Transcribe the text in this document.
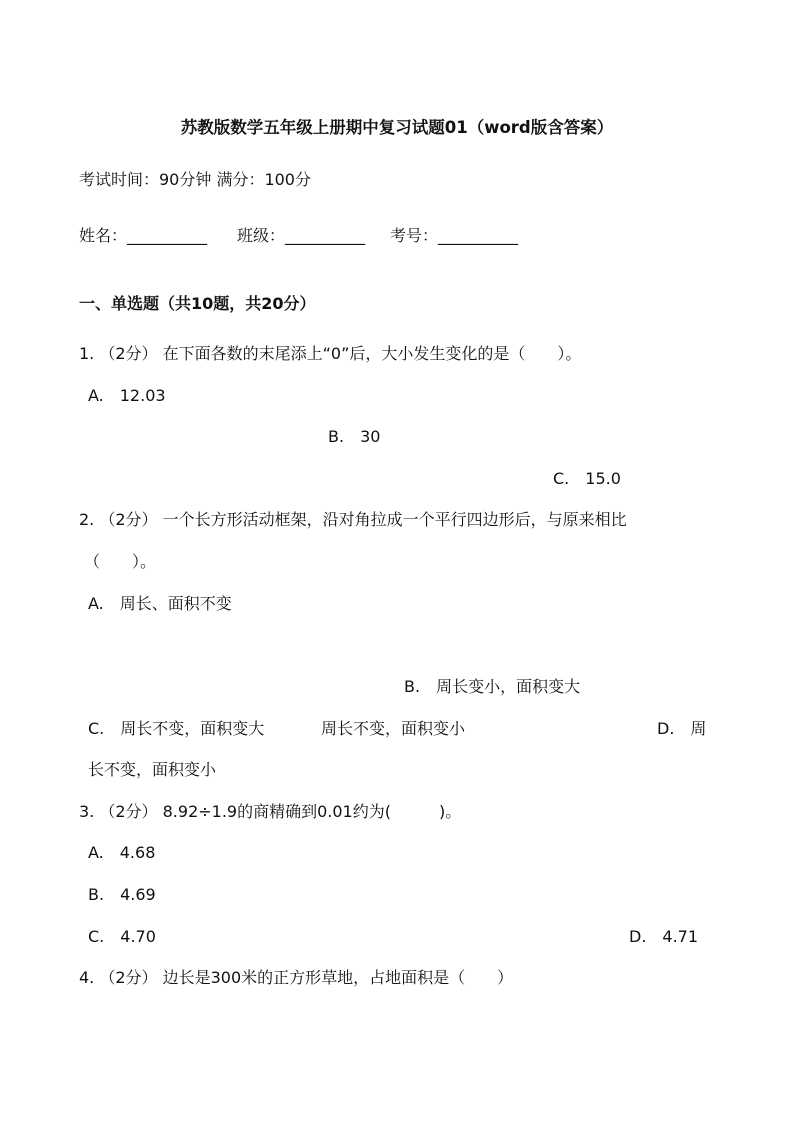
苏教版数学五年级上册期中复习试题01（word版含答案）
考试时间：90分钟 满分：100分
姓名：__________ 班级：__________ 考号：__________
一、单选题（共10题，共20分）
1. （2分） 在下面各数的末尾添上“0”后，大小发生变化的是（　　）。
A.　12.03
B.　30
C.　15.0
2. （2分） 一个长方形活动框架，沿对角拉成一个平行四边形后，与原来相比
（　　）。
A.　周长、面积不变
B.　周长变小，面积变大
C.　周长不变，面积变大	周长不变，面积变小	D.　周
长不变，面积变小
3. （2分） 8.92÷1.9的商精确到0.01约为(　　　)。
A.　4.68
B.　4.69
C.　4.70	D.　4.71
4. （2分） 边长是300米的正方形草地，占地面积是（　　）
